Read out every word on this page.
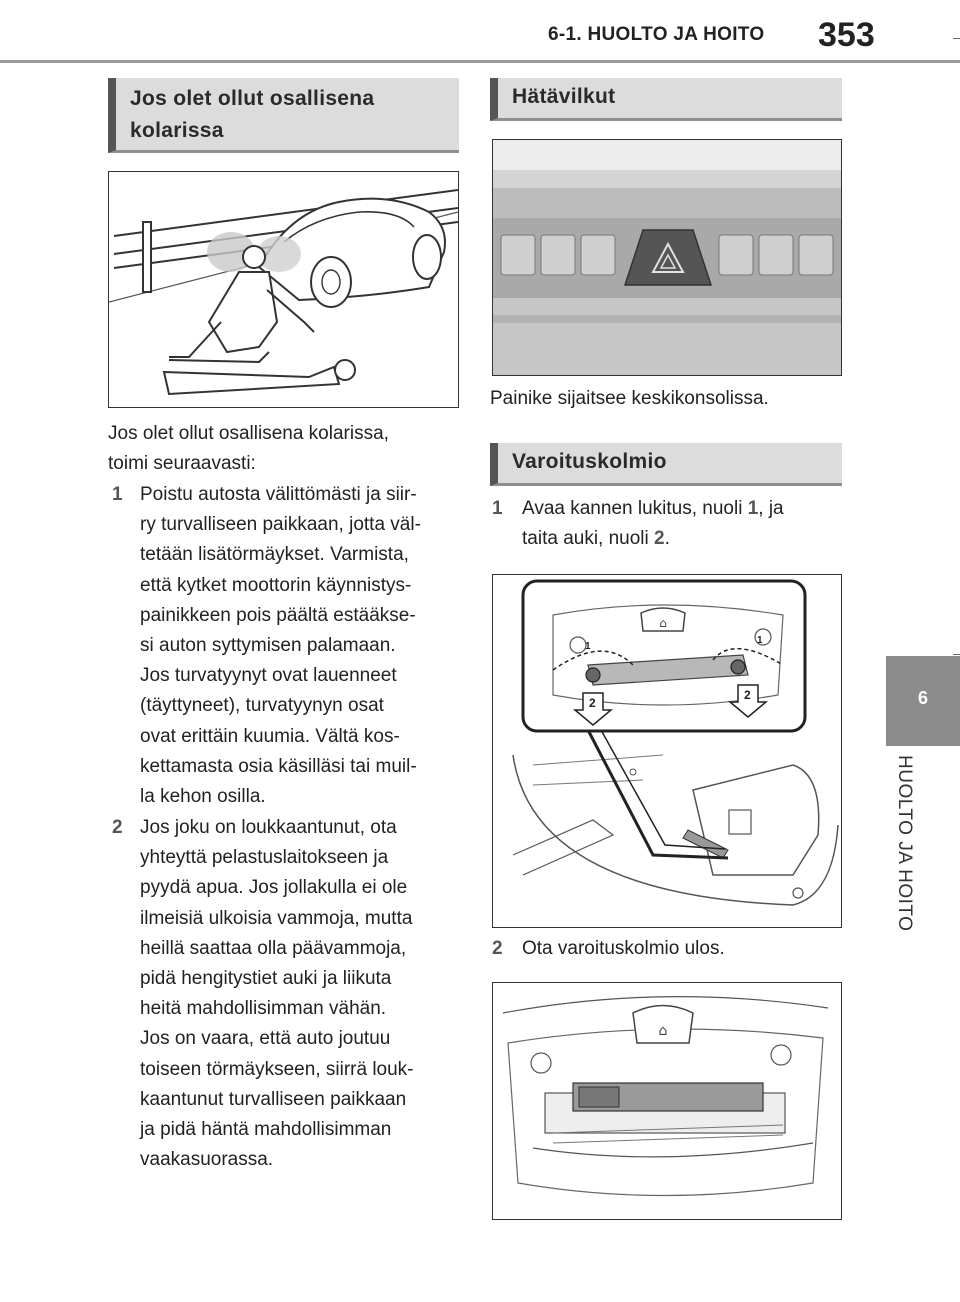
6-1. HUOLTO JA HOITO 353
6
HUOLTO JA HOITO
Jos olet ollut osallisena
kolarissa
Jos olet ollut osallisena kolarissa,
toimi seuraavasti:
1 Poistu autosta välittömästi ja siir-
ry turvalliseen paikkaan, jotta väl-
tetään lisätörmäykset. Varmista,
että kytket moottorin käynnistys-
painikkeen pois päältä estääkse-
si auton syttymisen palamaan.
Jos turvatyynyt ovat lauenneet
(täyttyneet), turvatyynyn osat
ovat erittäin kuumia. Vältä kos-
kettamasta osia käsilläsi tai muil-
la kehon osilla.
2 Jos joku on loukkaantunut, ota
yhteyttä pelastuslaitokseen ja
pyydä apua. Jos jollakulla ei ole
ilmeisiä ulkoisia vammoja, mutta
heillä saattaa olla päävammoja,
pidä hengitystiet auki ja liikuta
heitä mahdollisimman vähän.
Jos on vaara, että auto joutuu
toiseen törmäykseen, siirrä louk-
kaantunut turvalliseen paikkaan
ja pidä häntä mahdollisimman
vaakasuorassa.
Hätävilkut
Painike sijaitsee keskikonsolissa.
Varoituskolmio
1 Avaa kannen lukitus, nuoli 1, ja
taita auki, nuoli 2.
⌂
1
1
2
2
2 Ota varoituskolmio ulos.
⌂
